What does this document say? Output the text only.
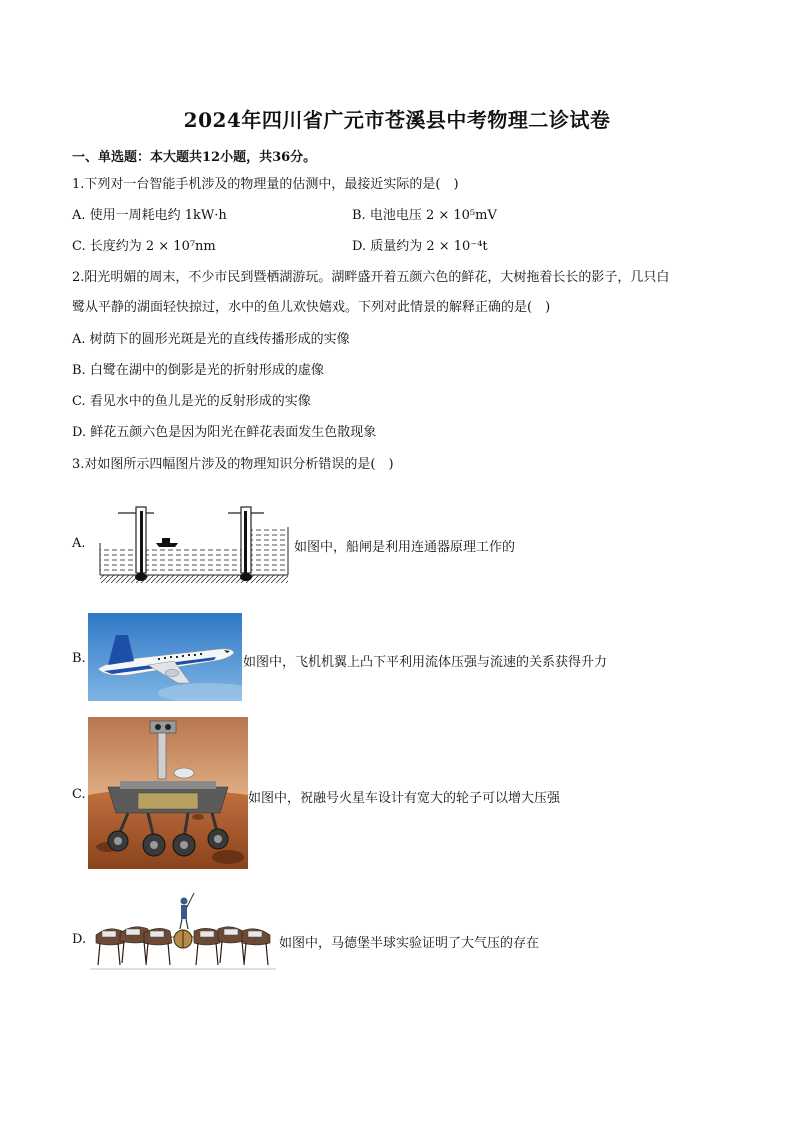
2024年四川省广元市苍溪县中考物理二诊试卷
一、单选题：本大题共12小题，共36分。
1.下列对一台智能手机涉及的物理量的估测中，最接近实际的是(　)
A. 使用一周耗电约 1kW·h	B. 电池电压 2 × 10⁵mV
C. 长度约为 2 × 10⁷nm	D. 质量约为 2 × 10⁻⁴t
2.阳光明媚的周末，不少市民到暨栖湖游玩。湖畔盛开着五颜六色的鲜花，大树拖着长长的影子，几只白
鹭从平静的湖面轻快掠过，水中的鱼儿欢快嬉戏。下列对此情景的解释正确的是(　)
A. 树荫下的圆形光斑是光的直线传播形成的实像
B. 白鹭在湖中的倒影是光的折射形成的虚像
C. 看见水中的鱼儿是光的反射形成的实像
D. 鲜花五颜六色是因为阳光在鲜花表面发生色散现象
3.对如图所示四幅图片涉及的物理知识分析错误的是(　)
A.	如图中，船闸是利用连通器原理工作的
B.	如图中，飞机机翼上凸下平利用流体压强与流速的关系获得升力
C.	如图中，祝融号火星车设计有宽大的轮子可以增大压强
D.	如图中，马德堡半球实验证明了大气压的存在
